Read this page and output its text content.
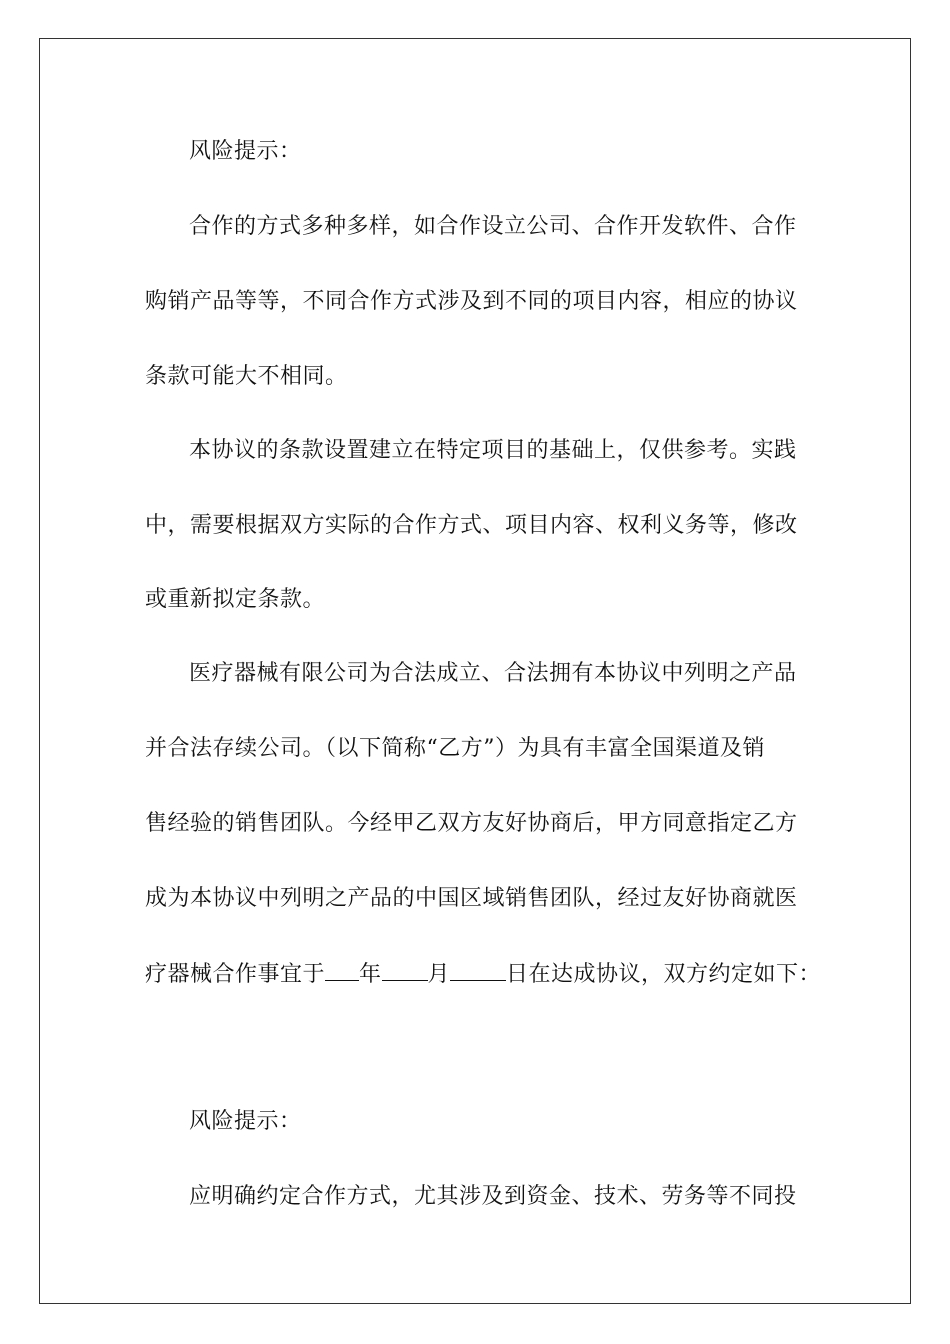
风险提示：
合作的方式多种多样，如合作设立公司、合作开发软件、合作
购销产品等等，不同合作方式涉及到不同的项目内容，相应的协议
条款可能大不相同。
本协议的条款设置建立在特定项目的基础上，仅供参考。实践
中，需要根据双方实际的合作方式、项目内容、权利义务等，修改
或重新拟定条款。
医疗器械有限公司为合法成立、合法拥有本协议中列明之产品
并合法存续公司。（以下简称“乙方”）为具有丰富全国渠道及销
售经验的销售团队。今经甲乙双方友好协商后，甲方同意指定乙方
成为本协议中列明之产品的中国区域销售团队，经过友好协商就医
疗器械合作事宜于 年 月	日在达成协议，双方约定如下：
风险提示：
应明确约定合作方式，尤其涉及到资金、技术、劳务等不同投
